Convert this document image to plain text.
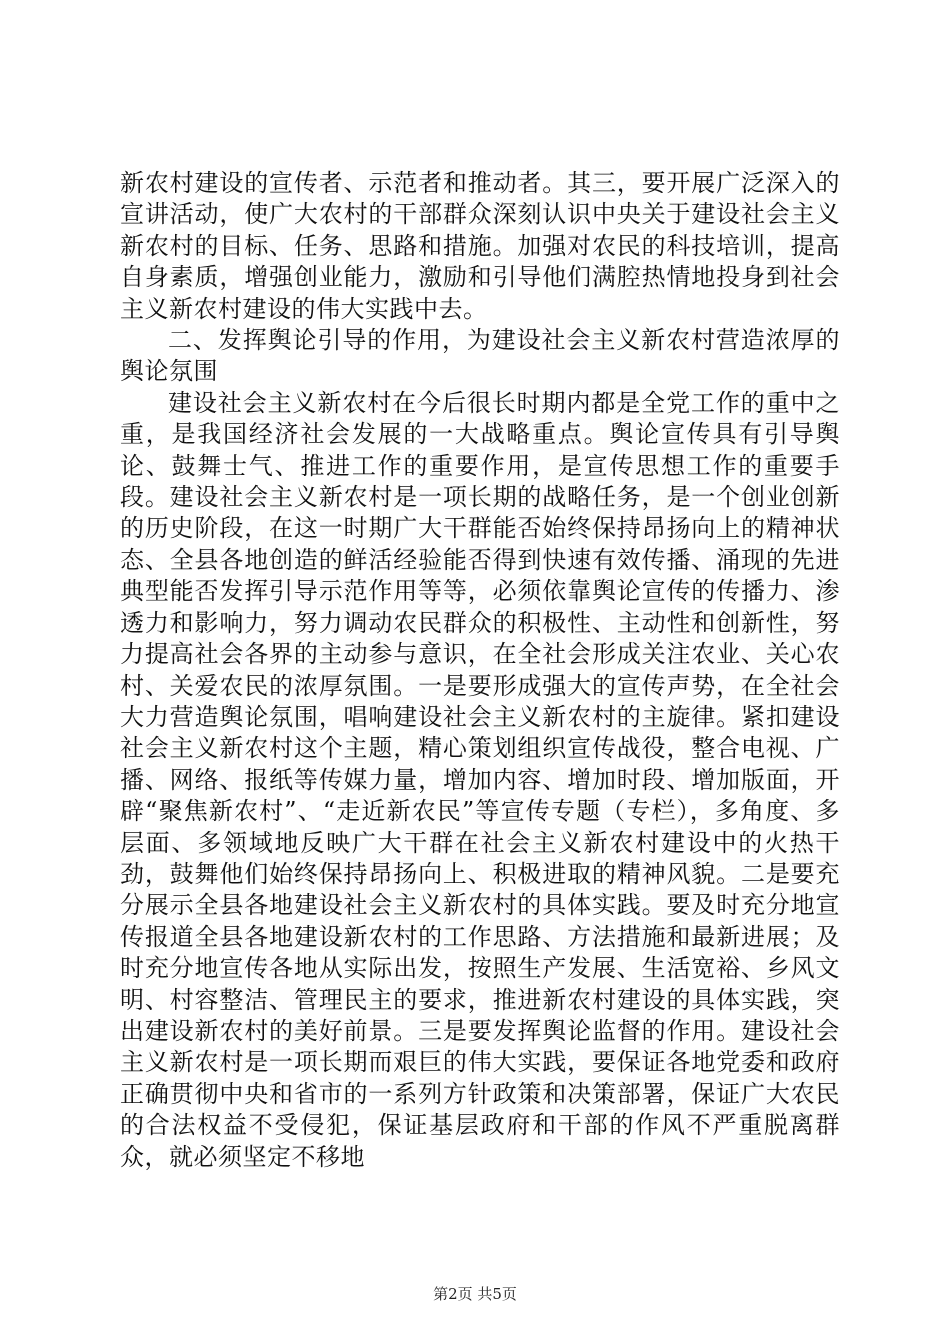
新农村建设的宣传者、示范者和推动者。其三，要开展广泛深入的宣讲活动，使广大农村的干部群众深刻认识中央关于建设社会主义新农村的目标、任务、思路和措施。加强对农民的科技培训，提高自身素质，增强创业能力，激励和引导他们满腔热情地投身到社会主义新农村建设的伟大实践中去。

二、发挥舆论引导的作用，为建设社会主义新农村营造浓厚的舆论氛围

建设社会主义新农村在今后很长时期内都是全党工作的重中之重，是我国经济社会发展的一大战略重点。舆论宣传具有引导舆论、鼓舞士气、推进工作的重要作用，是宣传思想工作的重要手段。建设社会主义新农村是一项长期的战略任务，是一个创业创新的历史阶段，在这一时期广大干群能否始终保持昂扬向上的精神状态、全县各地创造的鲜活经验能否得到快速有效传播、涌现的先进典型能否发挥引导示范作用等等，必须依靠舆论宣传的传播力、渗透力和影响力，努力调动农民群众的积极性、主动性和创新性，努力提高社会各界的主动参与意识，在全社会形成关注农业、关心农村、关爱农民的浓厚氛围。一是要形成强大的宣传声势，在全社会大力营造舆论氛围，唱响建设社会主义新农村的主旋律。紧扣建设社会主义新农村这个主题，精心策划组织宣传战役，整合电视、广播、网络、报纸等传媒力量，增加内容、增加时段、增加版面，开辟“聚焦新农村”、“走近新农民”等宣传专题（专栏），多角度、多层面、多领域地反映广大干群在社会主义新农村建设中的火热干劲，鼓舞他们始终保持昂扬向上、积极进取的精神风貌。二是要充分展示全县各地建设社会主义新农村的具体实践。要及时充分地宣传报道全县各地建设新农村的工作思路、方法措施和最新进展；及时充分地宣传各地从实际出发，按照生产发展、生活宽裕、乡风文明、村容整洁、管理民主的要求，推进新农村建设的具体实践，突出建设新农村的美好前景。三是要发挥舆论监督的作用。建设社会主义新农村是一项长期而艰巨的伟大实践，要保证各地党委和政府正确贯彻中央和省市的一系列方针政策和决策部署，保证广大农民的合法权益不受侵犯，保证基层政府和干部的作风不严重脱离群众，就必须坚定不移地

第2页 共5页
